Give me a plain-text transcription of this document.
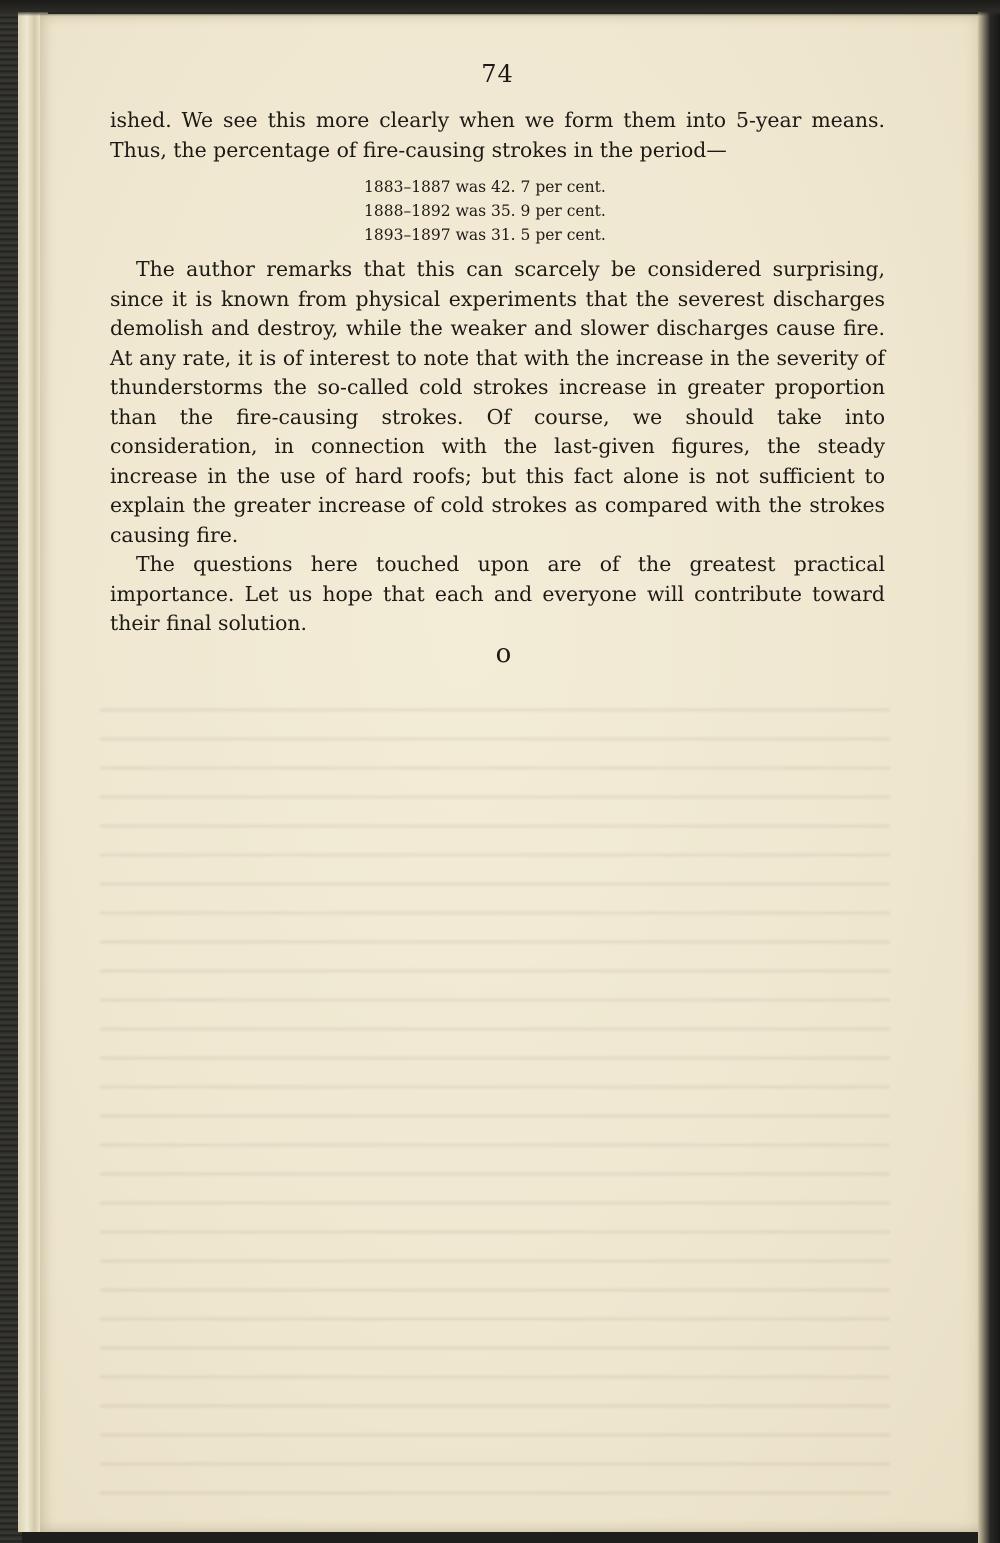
74

ished. We see this more clearly when we form them into 5-year means. Thus, the percentage of fire-causing strokes in the period—

1883–1887 was 42. 7 per cent.
1888–1892 was 35. 9 per cent.
1893–1897 was 31. 5 per cent.

The author remarks that this can scarcely be considered surprising, since it is known from physical experiments that the severest discharges demolish and destroy, while the weaker and slower discharges cause fire. At any rate, it is of interest to note that with the increase in the severity of thunderstorms the so-called cold strokes increase in greater proportion than the fire-causing strokes. Of course, we should take into consideration, in connection with the last-given figures, the steady increase in the use of hard roofs; but this fact alone is not sufficient to explain the greater increase of cold strokes as compared with the strokes causing fire.

The questions here touched upon are of the greatest practical importance. Let us hope that each and everyone will contribute toward their final solution.

o
